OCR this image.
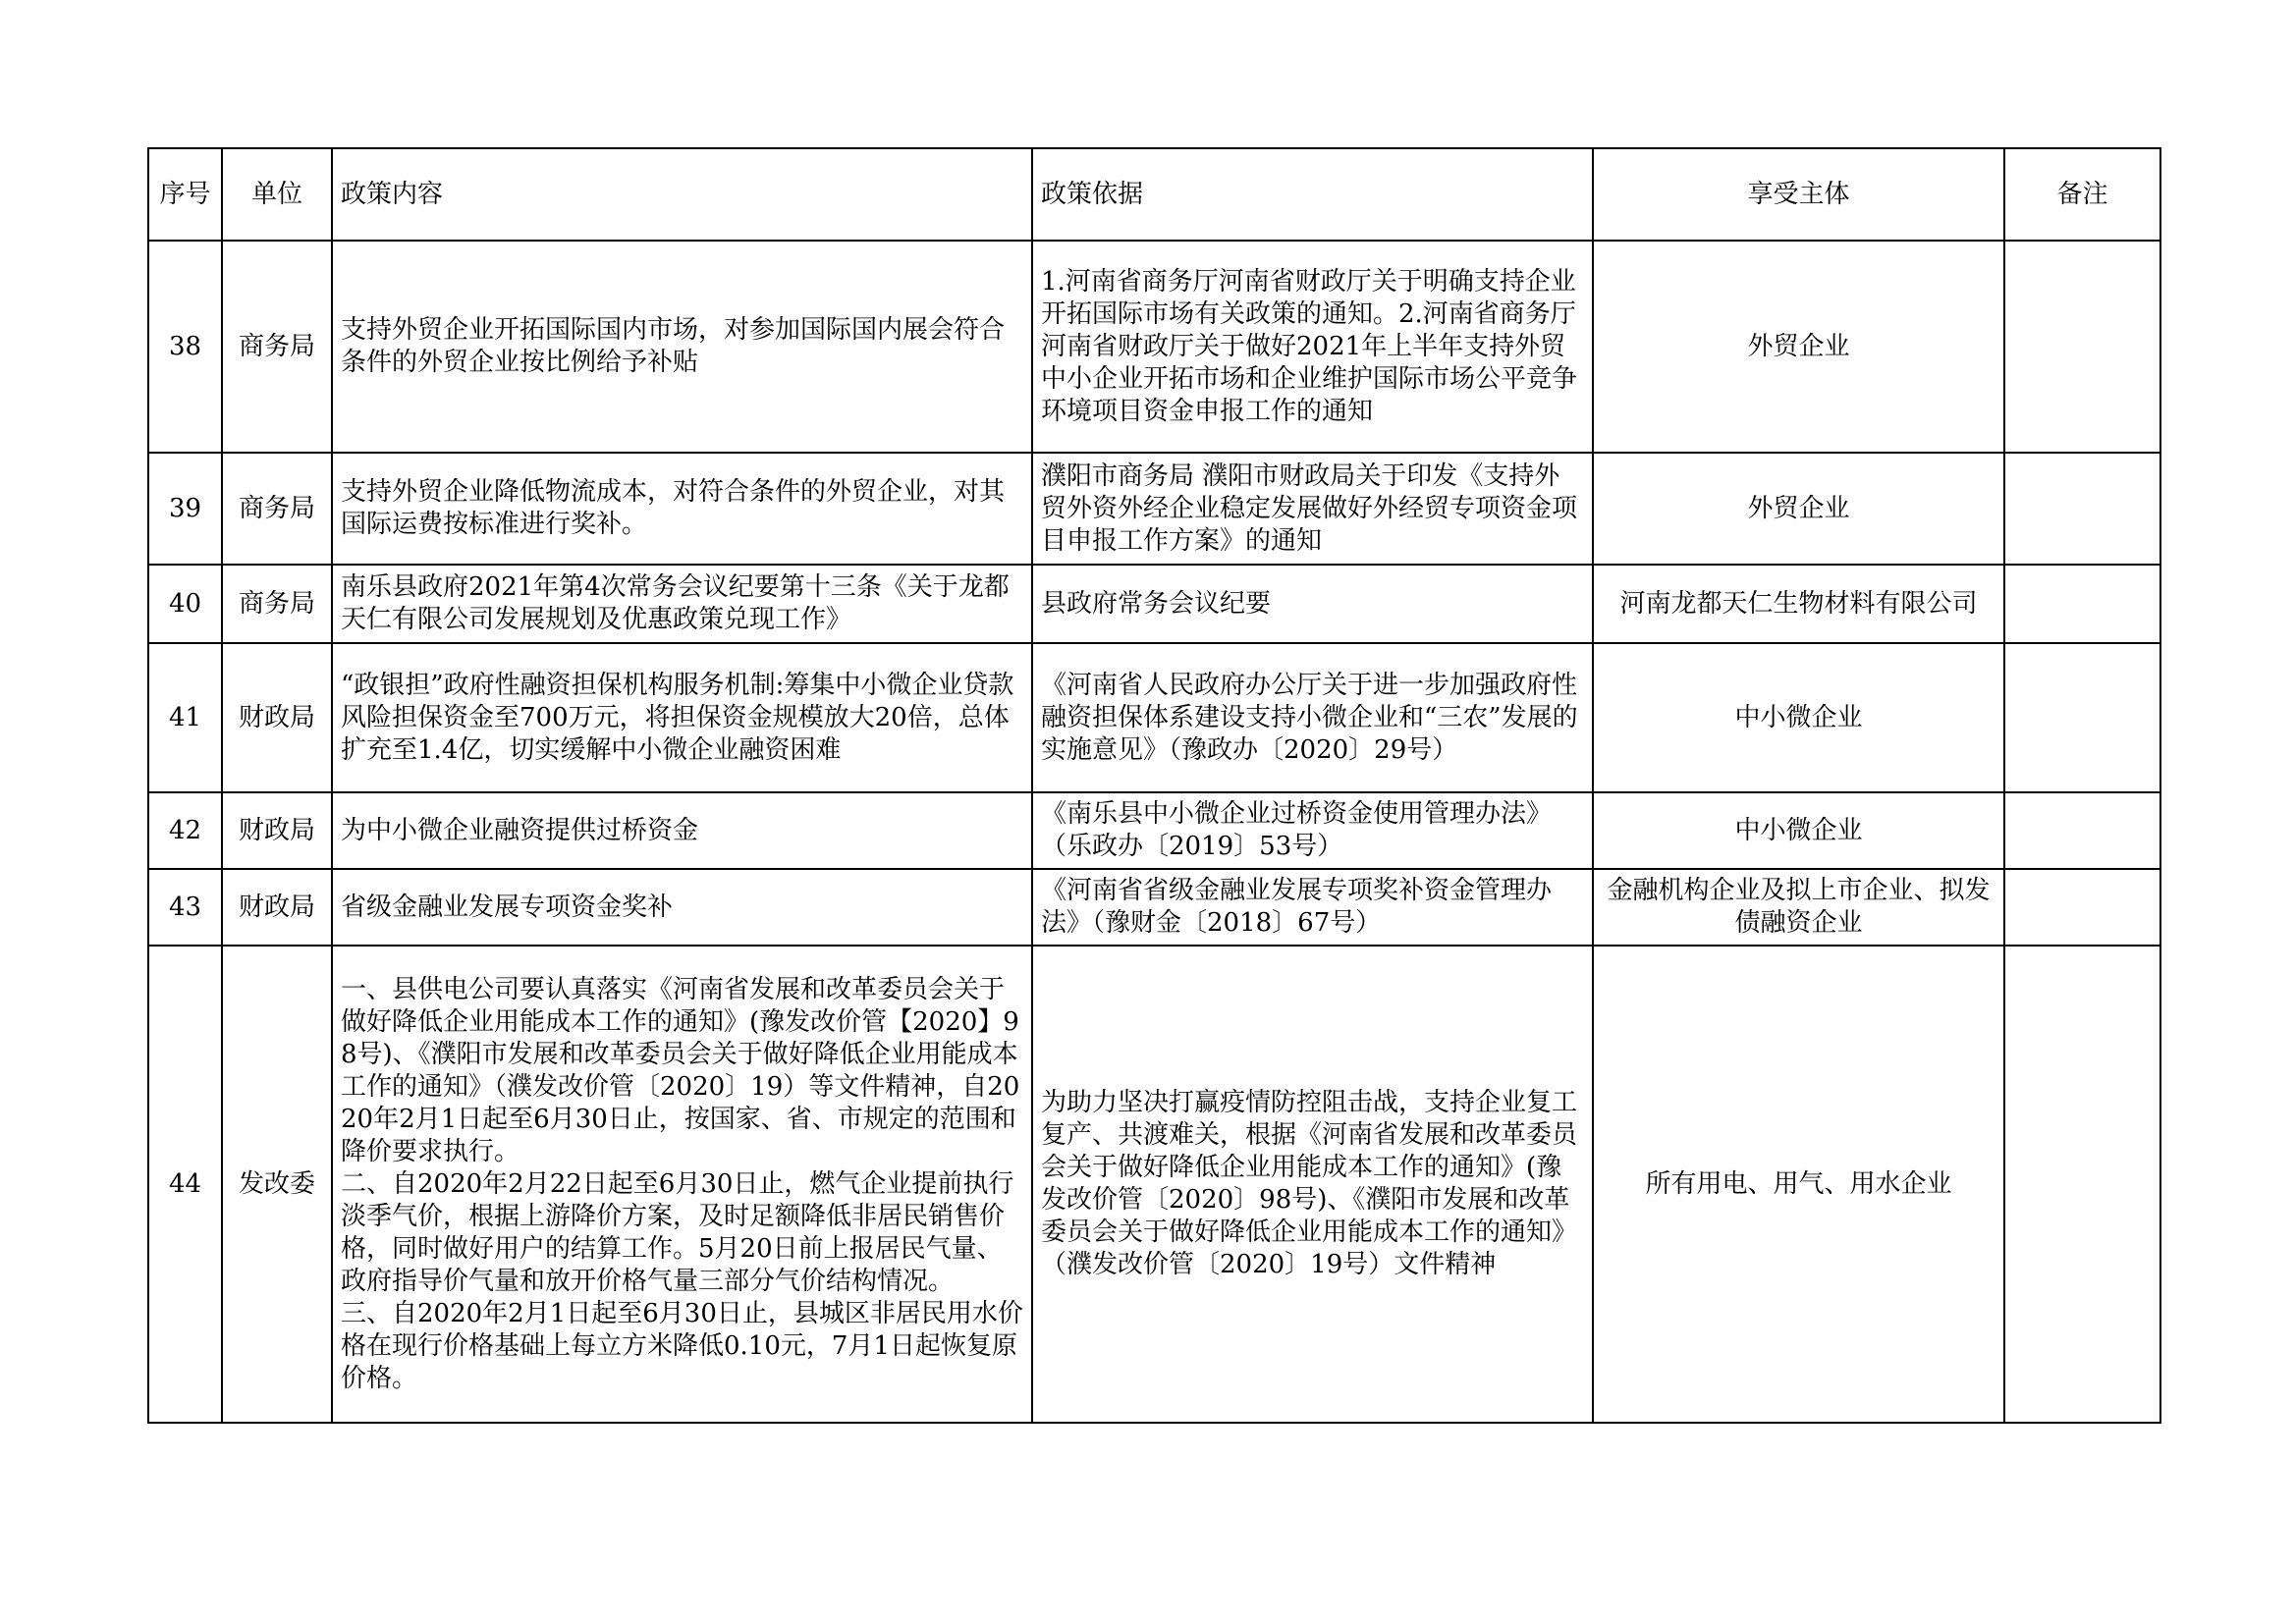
序号	单位	政策内容	政策依据	享受主体	备注
38	商务局	支持外贸企业开拓国际国内市场，对参加国际国内展会符合条件的外贸企业按比例给予补贴	1.河南省商务厅河南省财政厅关于明确支持企业开拓国际市场有关政策的通知。2.河南省商务厅河南省财政厅关于做好2021年上半年支持外贸中小企业开拓市场和企业维护国际市场公平竞争环境项目资金申报工作的通知	外贸企业	
39	商务局	支持外贸企业降低物流成本，对符合条件的外贸企业，对其国际运费按标准进行奖补。	濮阳市商务局 濮阳市财政局关于印发《支持外贸外资外经企业稳定发展做好外经贸专项资金项目申报工作方案》的通知	外贸企业	
40	商务局	南乐县政府2021年第4次常务会议纪要第十三条《关于龙都天仁有限公司发展规划及优惠政策兑现工作》	县政府常务会议纪要	河南龙都天仁生物材料有限公司	
41	财政局	“政银担”政府性融资担保机构服务机制:筹集中小微企业贷款风险担保资金至700万元，将担保资金规模放大20倍，总体扩充至1.4亿，切实缓解中小微企业融资困难	《河南省人民政府办公厅关于进一步加强政府性融资担保体系建设支持小微企业和“三农”发展的实施意见》（豫政办〔2020〕29号）	中小微企业	
42	财政局	为中小微企业融资提供过桥资金	《南乐县中小微企业过桥资金使用管理办法》（乐政办〔2019〕53号）	中小微企业	
43	财政局	省级金融业发展专项资金奖补	《河南省省级金融业发展专项奖补资金管理办法》（豫财金〔2018〕67号）	金融机构企业及拟上市企业、拟发债融资企业	
44	发改委	一、县供电公司要认真落实《河南省发展和改革委员会关于做好降低企业用能成本工作的通知》(豫发改价管【2020】98号)、《濮阳市发展和改革委员会关于做好降低企业用能成本工作的通知》（濮发改价管〔2020〕19）等文件精神，自2020年2月1日起至6月30日止，按国家、省、市规定的范围和降价要求执行。
二、自2020年2月22日起至6月30日止，燃气企业提前执行淡季气价，根据上游降价方案，及时足额降低非居民销售价格，同时做好用户的结算工作。5月20日前上报居民气量、政府指导价气量和放开价格气量三部分气价结构情况。
三、自2020年2月1日起至6月30日止，县城区非居民用水价格在现行价格基础上每立方米降低0.10元，7月1日起恢复原价格。	为助力坚决打赢疫情防控阻击战，支持企业复工复产、共渡难关，根据《河南省发展和改革委员会关于做好降低企业用能成本工作的通知》(豫发改价管〔2020〕98号)、《濮阳市发展和改革委员会关于做好降低企业用能成本工作的通知》（濮发改价管〔2020〕19号）文件精神	所有用电、用气、用水企业	
